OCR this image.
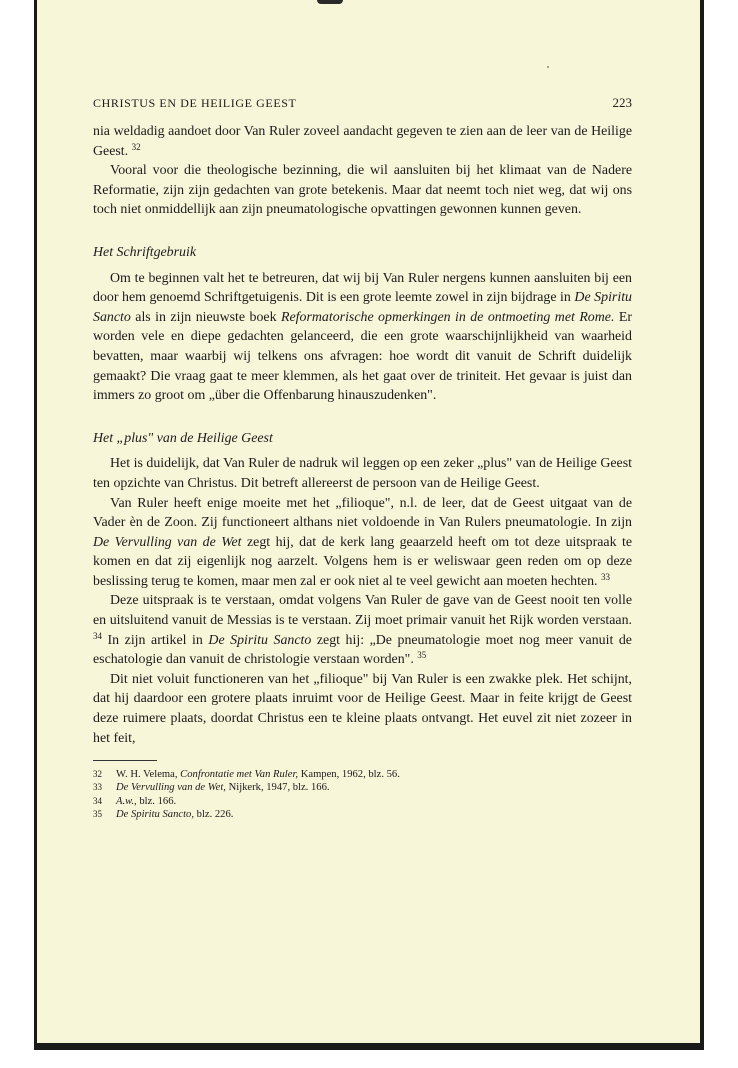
CHRISTUS EN DE HEILIGE GEEST	223

nia weldadig aandoet door Van Ruler zoveel aandacht gegeven te zien aan de leer van de Heilige Geest. $^{32}$

Vooral voor die theologische bezinning, die wil aansluiten bij het klimaat van de Nadere Reformatie, zijn zijn gedachten van grote betekenis. Maar dat neemt toch niet weg, dat wij ons toch niet onmiddellijk aan zijn pneumatologische opvattingen gewonnen kunnen geven.

Het Schriftgebruik

Om te beginnen valt het te betreuren, dat wij bij Van Ruler nergens kunnen aansluiten bij een door hem genoemd Schriftgetuigenis. Dit is een grote leemte zowel in zijn bijdrage in De Spiritu Sancto als in zijn nieuwste boek Reformatorische opmerkingen in de ontmoeting met Rome. Er worden vele en diepe gedachten gelanceerd, die een grote waarschijnlijkheid van waarheid bevatten, maar waarbij wij telkens ons afvragen: hoe wordt dit vanuit de Schrift duidelijk gemaakt? Die vraag gaat te meer klemmen, als het gaat over de triniteit. Het gevaar is juist dan immers zo groot om „über die Offenbarung hinauszudenken".

Het „plus" van de Heilige Geest

Het is duidelijk, dat Van Ruler de nadruk wil leggen op een zeker „plus" van de Heilige Geest ten opzichte van Christus. Dit betreft allereerst de persoon van de Heilige Geest.

Van Ruler heeft enige moeite met het „filioque", n.l. de leer, dat de Geest uitgaat van de Vader èn de Zoon. Zij functioneert althans niet voldoende in Van Rulers pneumatologie. In zijn De Vervulling van de Wet zegt hij, dat de kerk lang geaarzeld heeft om tot deze uitspraak te komen en dat zij eigenlijk nog aarzelt. Volgens hem is er weliswaar geen reden om op deze beslissing terug te komen, maar men zal er ook niet al te veel gewicht aan moeten hechten. $^{33}$

Deze uitspraak is te verstaan, omdat volgens Van Ruler de gave van de Geest nooit ten volle en uitsluitend vanuit de Messias is te verstaan. Zij moet primair vanuit het Rijk worden verstaan. $^{34}$ In zijn artikel in De Spiritu Sancto zegt hij: „De pneumatologie moet nog meer vanuit de eschatologie dan vanuit de christologie verstaan worden". $^{35}$

Dit niet voluit functioneren van het „filioque" bij Van Ruler is een zwakke plek. Het schijnt, dat hij daardoor een grotere plaats inruimt voor de Heilige Geest. Maar in feite krijgt de Geest deze ruimere plaats, doordat Christus een te kleine plaats ontvangt. Het euvel zit niet zozeer in het feit,

32	W. H. Velema, Confrontatie met Van Ruler, Kampen, 1962, blz. 56.
33	De Vervulling van de Wet, Nijkerk, 1947, blz. 166.
34	A.w., blz. 166.
35	De Spiritu Sancto, blz. 226.
